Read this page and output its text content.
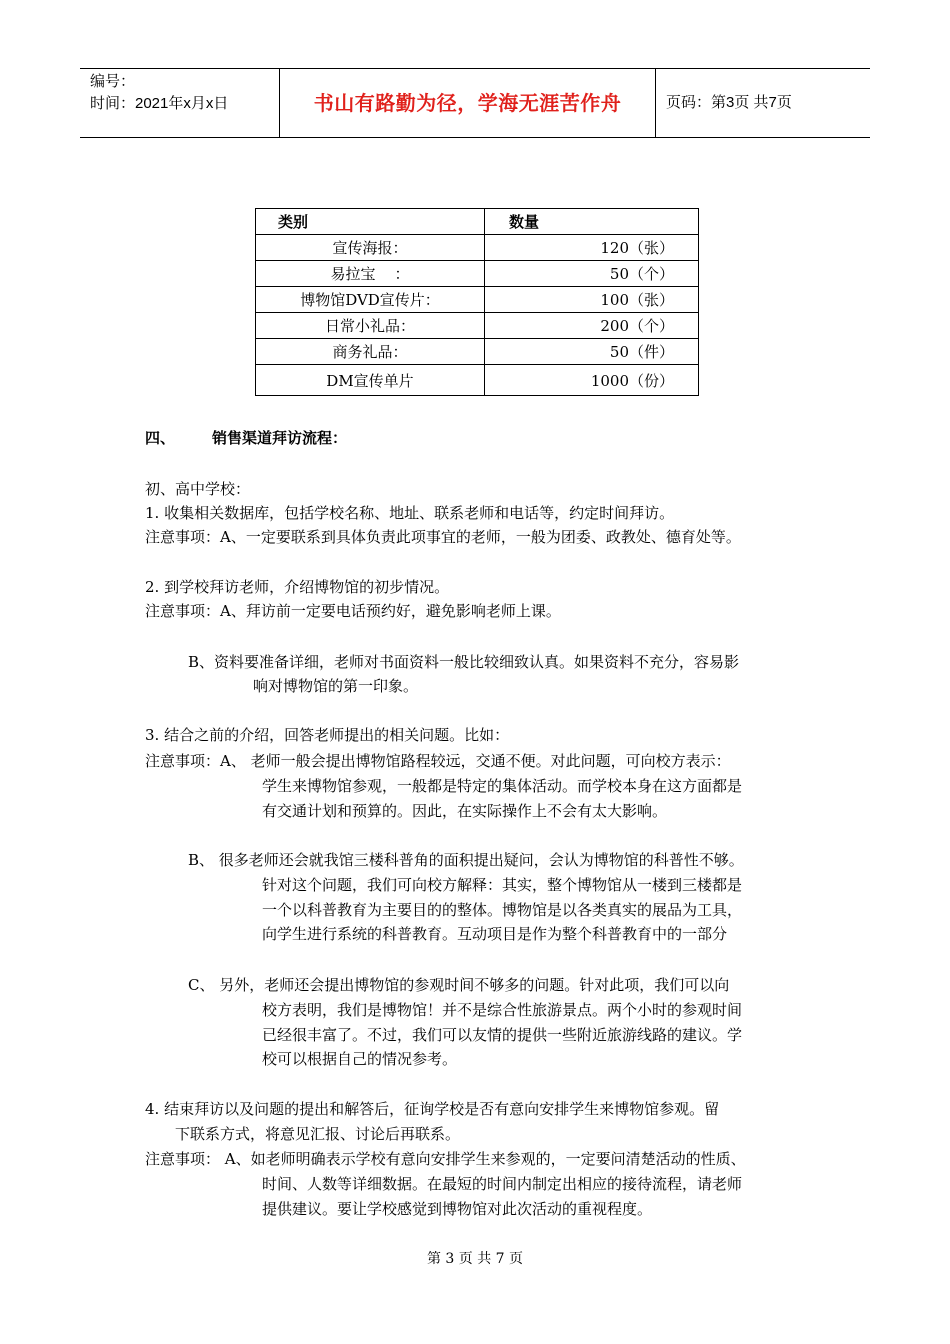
编号：
时间：2021年x月x日	书山有路勤为径，学海无涯苦作舟	页码：第3页 共7页
类别	数量
宣传海报：	120（张）
易拉宝    ：	50（个）
博物馆DVD宣传片：	100（张）
日常小礼品：	200（个）
商务礼品：	50（件）
DM宣传单片	1000（份）
四、 销售渠道拜访流程：
初、高中学校：
1. 收集相关数据库，包括学校名称、地址、联系老师和电话等，约定时间拜访。
注意事项：A、一定要联系到具体负责此项事宜的老师，一般为团委、政教处、德育处等。
2. 到学校拜访老师，介绍博物馆的初步情况。
注意事项：A、拜访前一定要电话预约好，避免影响老师上课。
B、资料要准备详细，老师对书面资料一般比较细致认真。如果资料不充分，容易影
响对博物馆的第一印象。
3. 结合之前的介绍，回答老师提出的相关问题。比如：
注意事项：A、 老师一般会提出博物馆路程较远，交通不便。对此问题，可向校方表示：
学生来博物馆参观，一般都是特定的集体活动。而学校本身在这方面都是
有交通计划和预算的。因此，在实际操作上不会有太大影响。
B、 很多老师还会就我馆三楼科普角的面积提出疑问，会认为博物馆的科普性不够。
针对这个问题，我们可向校方解释：其实，整个博物馆从一楼到三楼都是
一个以科普教育为主要目的的整体。博物馆是以各类真实的展品为工具，
向学生进行系统的科普教育。互动项目是作为整个科普教育中的一部分
C、 另外，老师还会提出博物馆的参观时间不够多的问题。针对此项，我们可以向
校方表明，我们是博物馆！并不是综合性旅游景点。两个小时的参观时间
已经很丰富了。不过，我们可以友情的提供一些附近旅游线路的建议。学
校可以根据自己的情况参考。
4. 结束拜访以及问题的提出和解答后，征询学校是否有意向安排学生来博物馆参观。留
下联系方式，将意见汇报、讨论后再联系。
注意事项： A、如老师明确表示学校有意向安排学生来参观的，一定要问清楚活动的性质、
时间、人数等详细数据。在最短的时间内制定出相应的接待流程，请老师
提供建议。要让学校感觉到博物馆对此次活动的重视程度。
第 3 页 共 7 页
